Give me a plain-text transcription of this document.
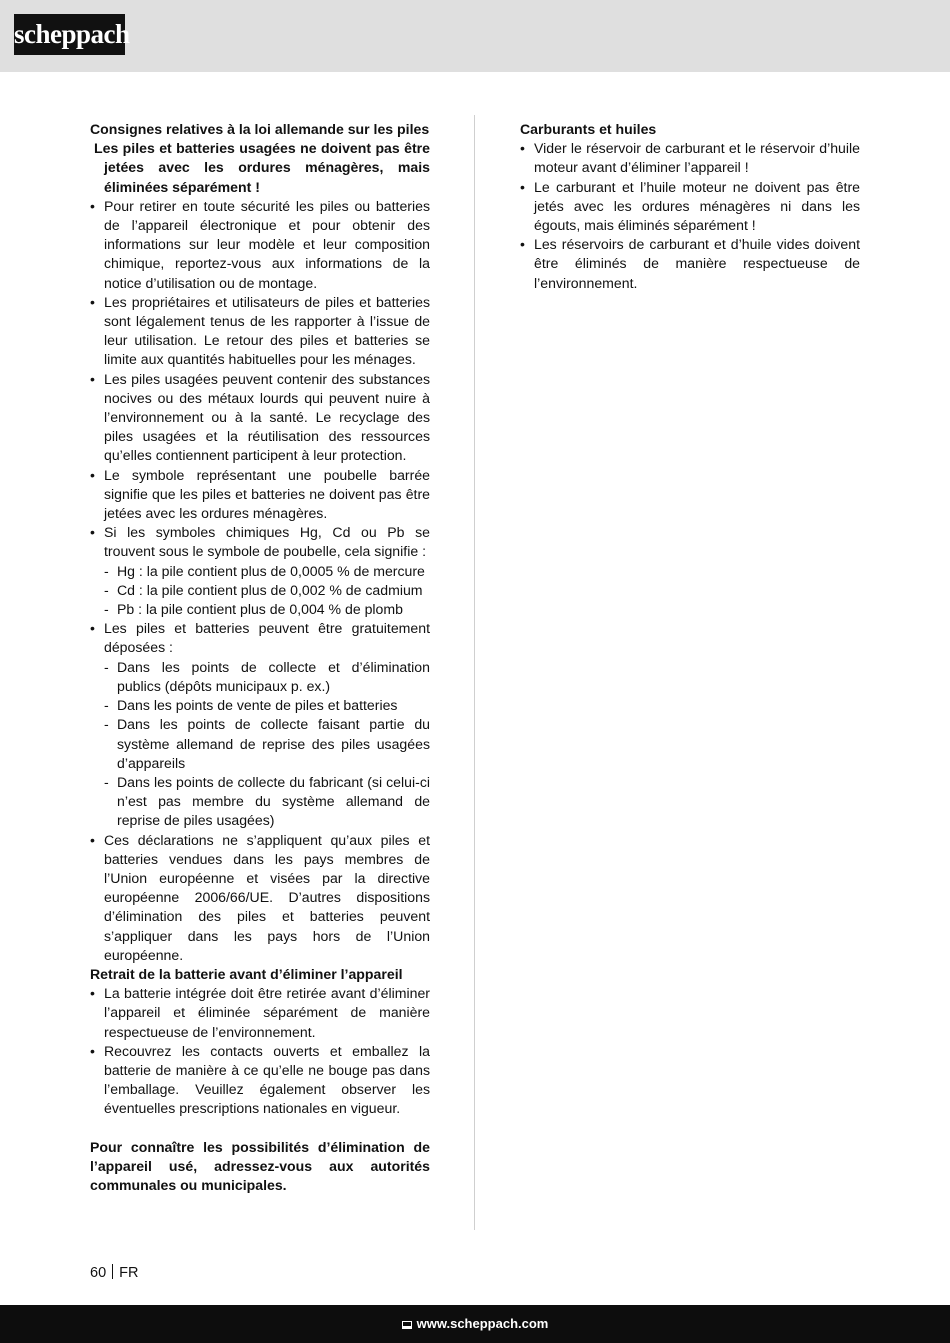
scheppach
Consignes relatives à la loi allemande sur les piles
Les piles et batteries usagées ne doivent pas être jetées avec les ordures ménagères, mais éliminées séparément !
• Pour retirer en toute sécurité les piles ou batteries de l’appareil électronique et pour obtenir des informations sur leur modèle et leur composition chimique, reportez-vous aux informations de la notice d’utilisation ou de montage.
• Les propriétaires et utilisateurs de piles et batteries sont légalement tenus de les rapporter à l’issue de leur utilisation. Le retour des piles et batteries se limite aux quantités habituelles pour les ménages.
• Les piles usagées peuvent contenir des substances nocives ou des métaux lourds qui peuvent nuire à l’environnement ou à la santé. Le recyclage des piles usagées et la réutilisation des ressources qu’elles contiennent participent à leur protection.
• Le symbole représentant une poubelle barrée signifie que les piles et batteries ne doivent pas être jetées avec les ordures ménagères.
• Si les symboles chimiques Hg, Cd ou Pb se trouvent sous le symbole de poubelle, cela signifie :
- Hg : la pile contient plus de 0,0005 % de mercure
- Cd : la pile contient plus de 0,002 % de cadmium
- Pb : la pile contient plus de 0,004 % de plomb
• Les piles et batteries peuvent être gratuitement déposées :
- Dans les points de collecte et d’élimination publics (dépôts municipaux p. ex.)
- Dans les points de vente de piles et batteries
- Dans les points de collecte faisant partie du système allemand de reprise des piles usagées d’appareils
- Dans les points de collecte du fabricant (si celui-ci n’est pas membre du système allemand de reprise de piles usagées)
• Ces déclarations ne s’appliquent qu’aux piles et batteries vendues dans les pays membres de l’Union européenne et visées par la directive européenne 2006/66/UE. D’autres dispositions d’élimination des piles et batteries peuvent s’appliquer dans les pays hors de l’Union européenne.
Retrait de la batterie avant d’éliminer l’appareil
• La batterie intégrée doit être retirée avant d’éliminer l’appareil et éliminée séparément de manière respectueuse de l’environnement.
• Recouvrez les contacts ouverts et emballez la batterie de manière à ce qu’elle ne bouge pas dans l’emballage. Veuillez également observer les éventuelles prescriptions nationales en vigueur.
Pour connaître les possibilités d’élimination de l’appareil usé, adressez-vous aux autorités communales ou municipales.
Carburants et huiles
• Vider le réservoir de carburant et le réservoir d’huile moteur avant d’éliminer l’appareil !
• Le carburant et l’huile moteur ne doivent pas être jetés avec les ordures ménagères ni dans les égouts, mais éliminés séparément !
• Les réservoirs de carburant et d’huile vides doivent être éliminés de manière respectueuse de l’environnement.
60 FR
www.scheppach.com
